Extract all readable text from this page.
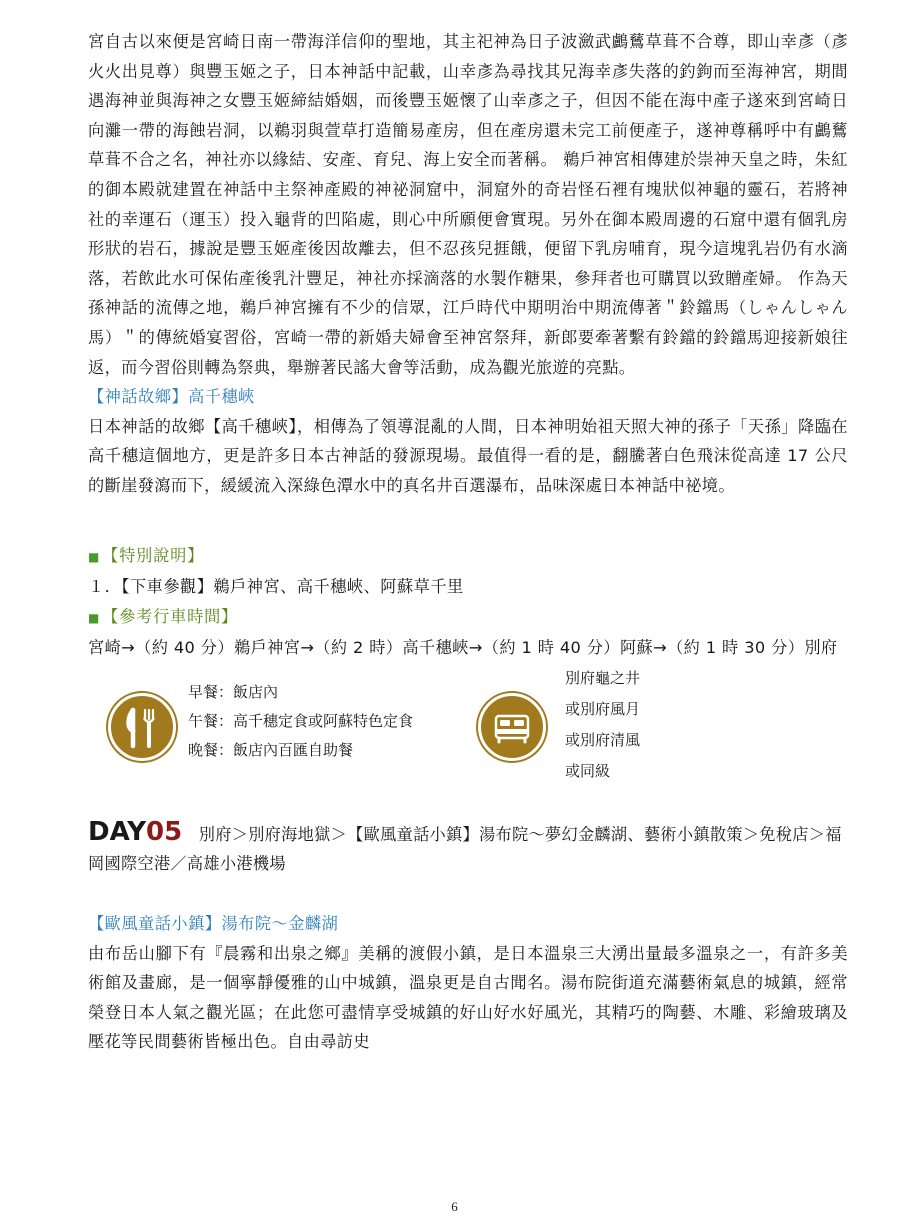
宮自古以來便是宮崎日南一帶海洋信仰的聖地，其主祀神為日子波瀲武鸕鶿草葺不合尊，即山幸彥（彥火火出見尊）與豐玉姬之子，日本神話中記載，山幸彥為尋找其兄海幸彥失落的釣鉤而至海神宮，期間遇海神並與海神之女豐玉姬締結婚姻，而後豐玉姬懷了山幸彥之子，但因不能在海中產子遂來到宮崎日向灘一帶的海蝕岩洞，以鵜羽與萱草打造簡易產房，但在產房還未完工前便產子，遂神尊稱呼中有鸕鶿草葺不合之名，神社亦以緣結、安產、育兒、海上安全而著稱。 鵜戶神宮相傳建於崇神天皇之時，朱紅的御本殿就建置在神話中主祭神產殿的神祕洞窟中，洞窟外的奇岩怪石裡有塊狀似神龜的靈石，若將神社的幸運石（運玉）投入龜背的凹陷處，則心中所願便會實現。另外在御本殿周邊的石窟中還有個乳房形狀的岩石，據說是豐玉姬產後因故離去，但不忍孩兒捱餓，便留下乳房哺育，現今這塊乳岩仍有水滴落，若飲此水可保佑產後乳汁豐足，神社亦採滴落的水製作糖果，參拜者也可購買以致贈產婦。 作為天孫神話的流傳之地，鵜戶神宮擁有不少的信眾，江戶時代中期明治中期流傳著＂鈴鐺馬（しゃんしゃん馬）＂的傳統婚宴習俗，宮崎一帶的新婚夫婦會至神宮祭拜，新郎要牽著繫有鈴鐺的鈴鐺馬迎接新娘往返，而今習俗則轉為祭典，舉辦著民謠大會等活動，成為觀光旅遊的亮點。

【神話故鄉】高千穗峽

日本神話的故鄉【高千穗峽】，相傳為了領導混亂的人間，日本神明始祖天照大神的孫子「天孫」降臨在高千穗這個地方，更是許多日本古神話的發源現場。最值得一看的是，翻騰著白色飛沫從高達 17 公尺的斷崖發瀉而下，緩緩流入深綠色潭水中的真名井百選瀑布，品味深處日本神話中祕境。

■ 【特別說明】

１．【下車參觀】鵜戶神宮、高千穗峽、阿蘇草千里

■ 【參考行車時間】

宮崎→（約 40 分）鵜戶神宮→（約 2 時）高千穗峽→（約 1 時 40 分）阿蘇→（約 1 時 30 分）別府

早餐：飯店內
午餐：高千穗定食或阿蘇特色定食
晚餐：飯店內百匯自助餐
別府龜之井
或別府風月
或別府清風
或同級

DAY05　 別府＞別府海地獄＞【歐風童話小鎮】湯布院～夢幻金麟湖、藝術小鎮散策＞免稅店＞福岡國際空港／高雄小港機場

【歐風童話小鎮】湯布院～金麟湖

由布岳山腳下有『晨霧和出泉之鄉』美稱的渡假小鎮，是日本溫泉三大湧出量最多溫泉之一，有許多美術館及畫廊，是一個寧靜優雅的山中城鎮，溫泉更是自古聞名。湯布院街道充滿藝術氣息的城鎮，經常榮登日本人氣之觀光區；在此您可盡情享受城鎮的好山好水好風光，其精巧的陶藝、木雕、彩繪玻璃及壓花等民間藝術皆極出色。自由尋訪史

6
